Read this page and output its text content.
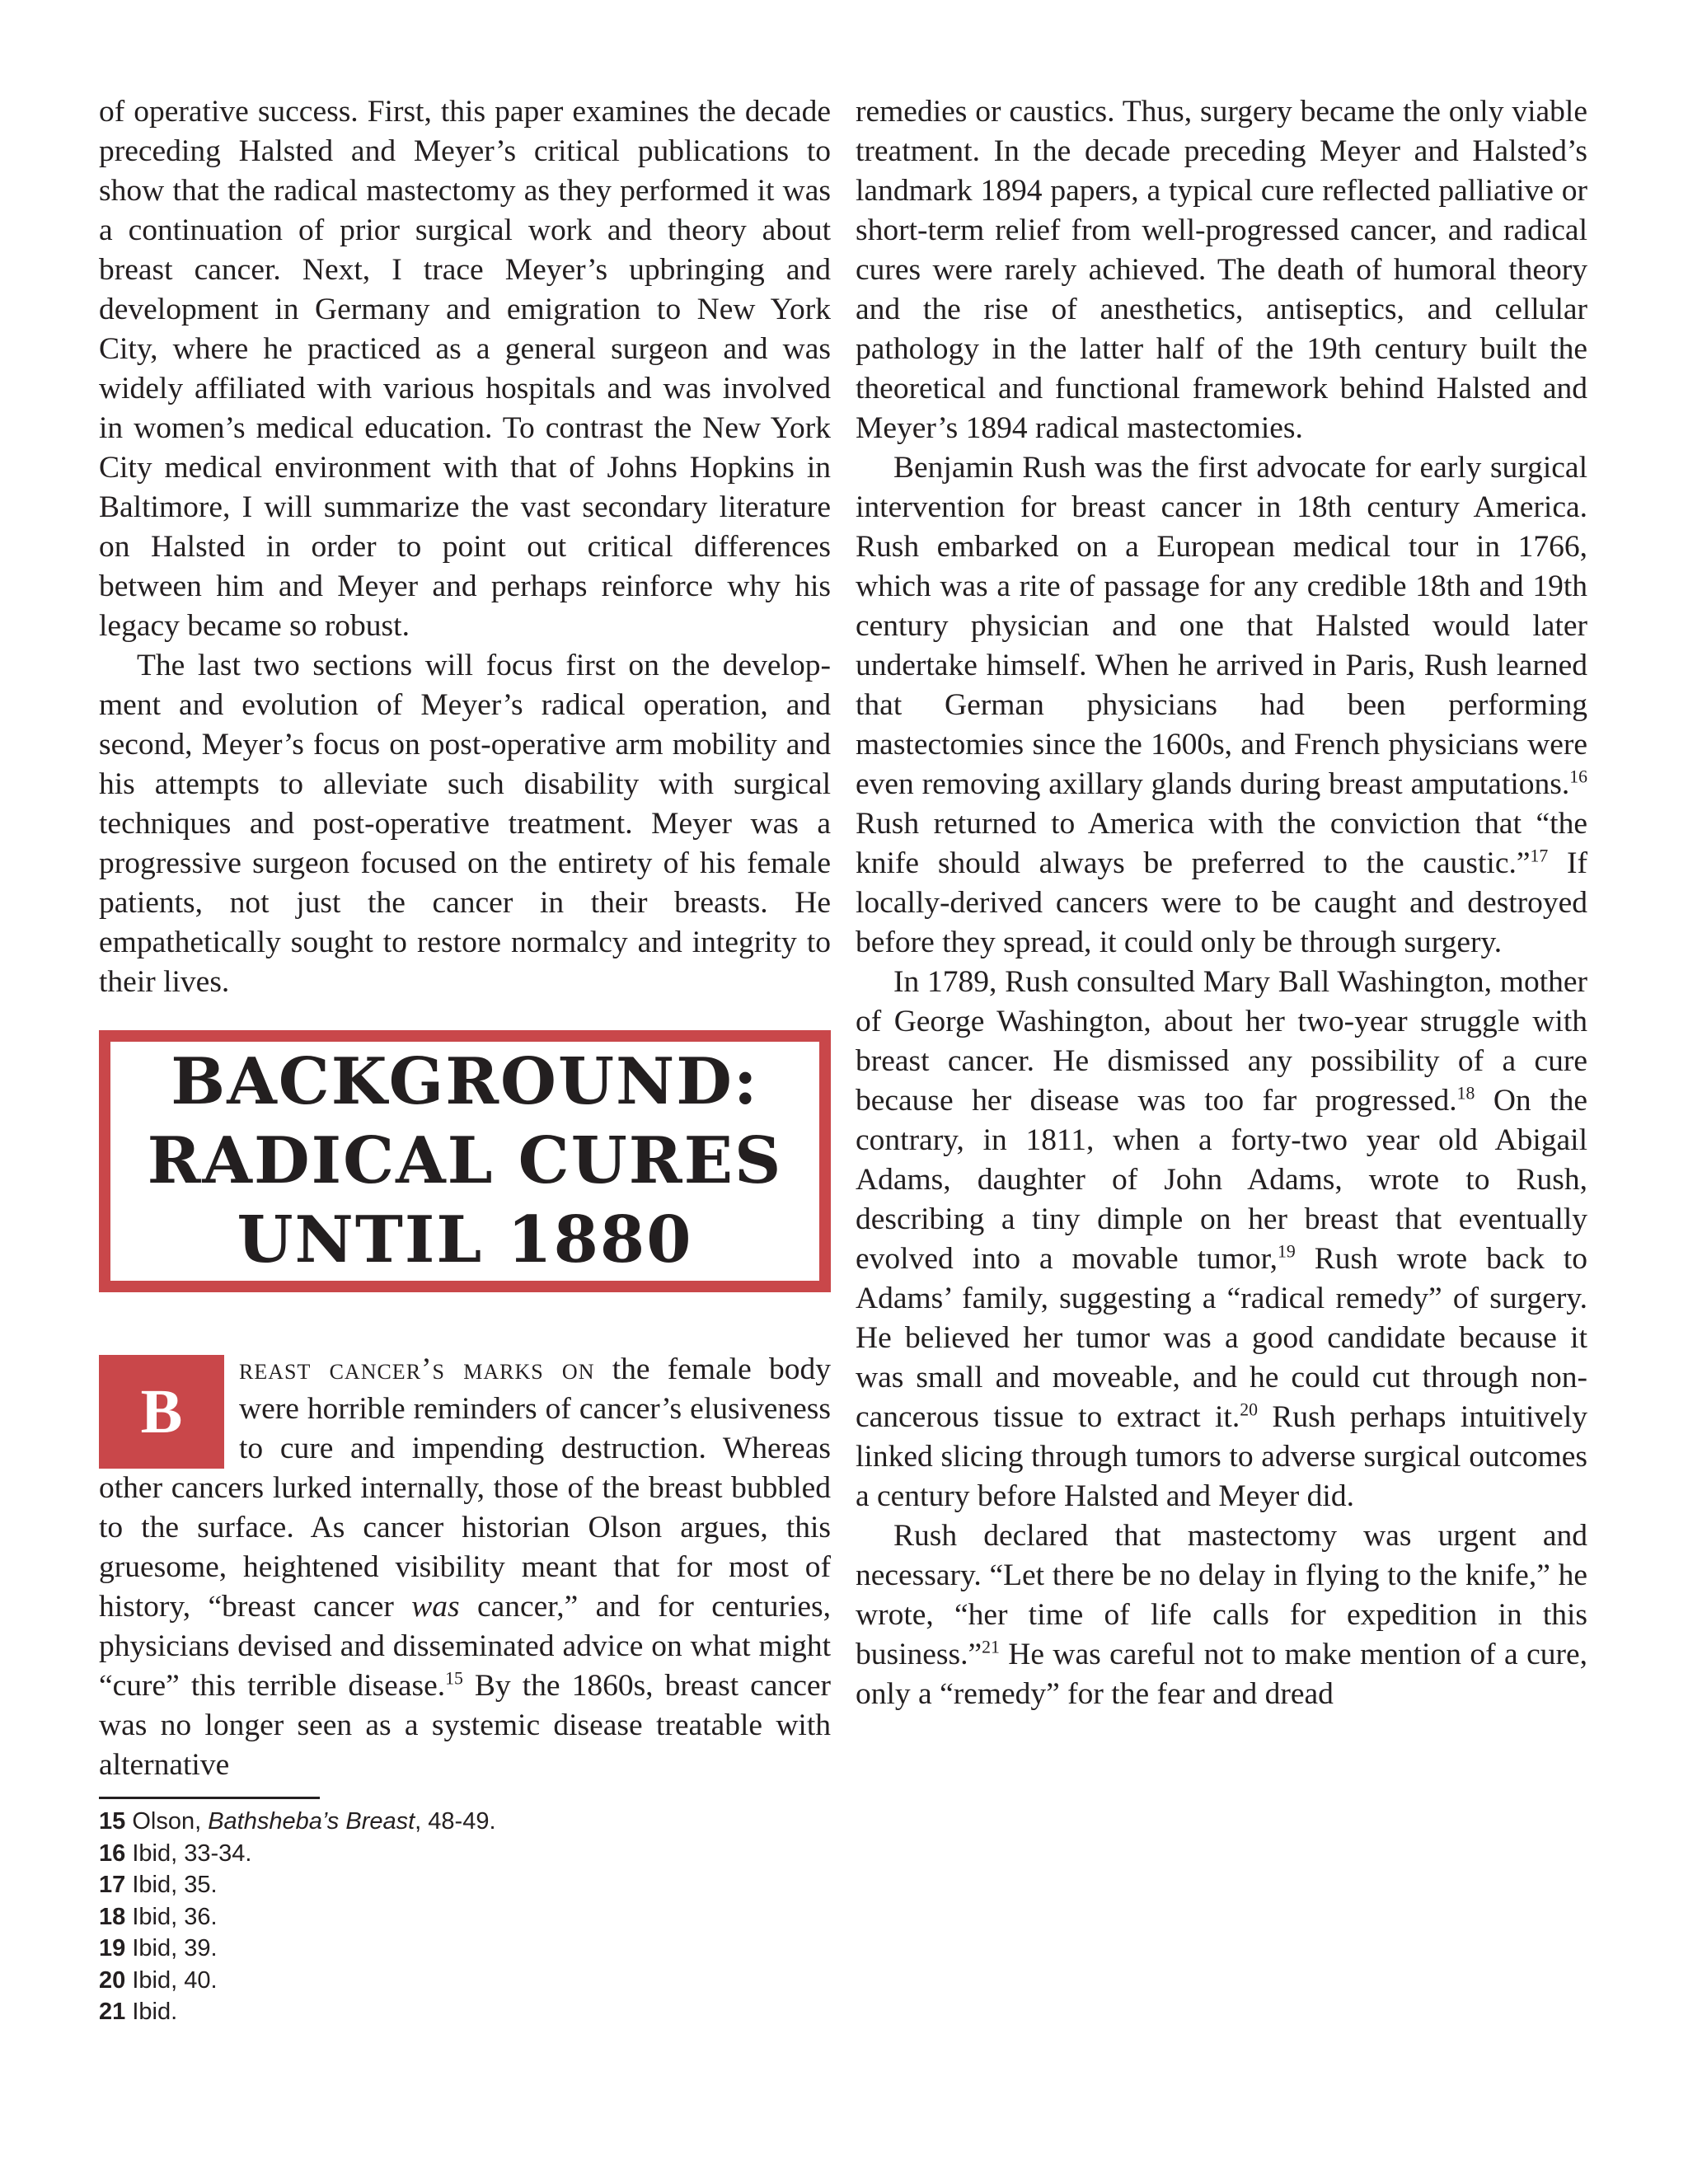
of operative success. First, this paper examines the decade preceding Halsted and Meyer’s critical publications to show that the radical mastectomy as they performed it was a continuation of prior surgical work and theory about breast cancer. Next, I trace Meyer’s upbringing and development in Germany and emigration to New York City, where he practiced as a general surgeon and was widely affiliated with various hospitals and was involved in women’s medical education. To contrast the New York City medical environment with that of Johns Hopkins in Baltimore, I will summarize the vast secondary literature on Halsted in order to point out critical differences between him and Meyer and perhaps reinforce why his legacy became so robust.

The last two sections will focus first on the development and evolution of Meyer’s radical operation, and second, Meyer’s focus on post-operative arm mobility and his attempts to alleviate such disability with surgical techniques and post-operative treatment. Meyer was a progressive surgeon focused on the entirety of his female patients, not just the cancer in their breasts. He empathetically sought to restore normalcy and integrity to their lives.

BACKGROUND:
RADICAL CURES
UNTIL 1880

B
reast cancer’s marks on the female body were horrible reminders of cancer’s elusiveness to cure and impending destruction. Whereas other cancers lurked internally, those of the breast bubbled to the surface. As cancer historian Olson argues, this gruesome, heightened visibility meant that for most of history, “breast cancer was cancer,” and for centuries, physicians devised and disseminated advice on what might “cure” this terrible disease.$^{15}$ By the 1860s, breast cancer was no longer seen as a systemic disease treatable with alternative

15 Olson, Bathsheba’s Breast, 48-49.
16 Ibid, 33-34.
17 Ibid, 35.
18 Ibid, 36.
19 Ibid, 39.
20 Ibid, 40.
21 Ibid.

remedies or caustics. Thus, surgery became the only viable treatment. In the decade preceding Meyer and Halsted’s landmark 1894 papers, a typical cure reflected palliative or short-term relief from well-progressed cancer, and radical cures were rarely achieved. The death of humoral theory and the rise of anesthetics, antiseptics, and cellular pathology in the latter half of the 19th century built the theoretical and functional framework behind Halsted and Meyer’s 1894 radical mastectomies.

Benjamin Rush was the first advocate for early surgical intervention for breast cancer in 18th century America. Rush embarked on a European medical tour in 1766, which was a rite of passage for any credible 18th and 19th century physician and one that Halsted would later undertake himself. When he arrived in Paris, Rush learned that German physicians had been performing mastectomies since the 1600s, and French physicians were even removing axillary glands during breast amputations.$^{16}$ Rush returned to America with the conviction that “the knife should always be preferred to the caustic.”$^{17}$ If locally-derived cancers were to be caught and destroyed before they spread, it could only be through surgery.

In 1789, Rush consulted Mary Ball Washington, mother of George Washington, about her two-year struggle with breast cancer. He dismissed any possibility of a cure because her disease was too far progressed.$^{18}$ On the contrary, in 1811, when a forty-two year old Abigail Adams, daughter of John Adams, wrote to Rush, describing a tiny dimple on her breast that eventually evolved into a movable tumor,$^{19}$ Rush wrote back to Adams’ family, suggesting a “radical remedy” of surgery. He believed her tumor was a good candidate because it was small and moveable, and he could cut through non-cancerous tissue to extract it.$^{20}$ Rush perhaps intuitively linked slicing through tumors to adverse surgical outcomes a century before Halsted and Meyer did.

Rush declared that mastectomy was urgent and necessary. “Let there be no delay in flying to the knife,” he wrote, “her time of life calls for expedition in this business.”$^{21}$ He was careful not to make mention of a cure, only a “remedy” for the fear and dread
